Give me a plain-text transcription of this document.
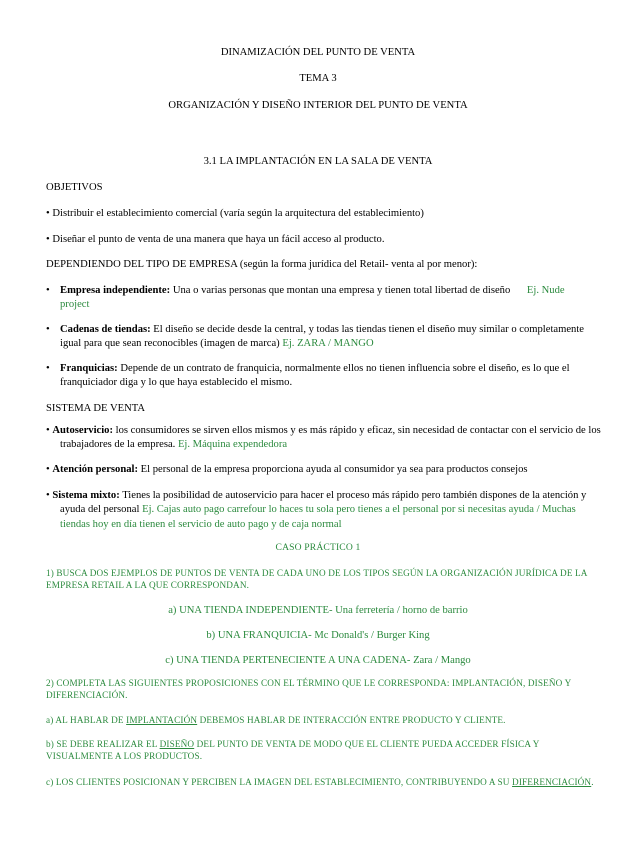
DINAMIZACIÓN DEL PUNTO DE VENTA
TEMA 3
ORGANIZACIÓN Y DISEÑO INTERIOR DEL PUNTO DE VENTA
3.1 LA IMPLANTACIÓN EN LA SALA DE VENTA
OBJETIVOS
• Distribuir el establecimiento comercial (varía según la arquitectura del establecimiento)
• Diseñar el punto de venta de una manera que haya un fácil acceso al producto.
DEPENDIENDO DEL TIPO DE EMPRESA (según la forma jurídica del Retail- venta al por menor):
• Empresa independiente: Una o varias personas que montan una empresa y tienen total libertad de diseño Ej. Nude project
• Cadenas de tiendas: El diseño se decide desde la central, y todas las tiendas tienen el diseño muy similar o completamente igual para que sean reconocibles (imagen de marca) Ej. ZARA / MANGO
• Franquicias: Depende de un contrato de franquicia, normalmente ellos no tienen influencia sobre el diseño, es lo que el franquiciador diga y lo que haya establecido el mismo.
SISTEMA DE VENTA
• Autoservicio: los consumidores se sirven ellos mismos y es más rápido y eficaz, sin necesidad de contactar con el servicio de los trabajadores de la empresa. Ej. Máquina expendedora
• Atención personal: El personal de la empresa proporciona ayuda al consumidor ya sea para productos consejos
• Sistema mixto: Tienes la posibilidad de autoservicio para hacer el proceso más rápido pero también dispones de la atención y ayuda del personal Ej. Cajas auto pago carrefour lo haces tu sola pero tienes a el personal por si necesitas ayuda / Muchas tiendas hoy en día tienen el servicio de auto pago y de caja normal
CASO PRÁCTICO 1
1) BUSCA DOS EJEMPLOS DE PUNTOS DE VENTA DE CADA UNO DE LOS TIPOS SEGÚN LA ORGANIZACIÓN JURÍDICA DE LA EMPRESA RETAIL A LA QUE CORRESPONDAN.
a) UNA TIENDA INDEPENDIENTE- Una ferretería / horno de barrio
b) UNA FRANQUICIA- Mc Donald's / Burger King
c) UNA TIENDA PERTENECIENTE A UNA CADENA- Zara / Mango
2) COMPLETA LAS SIGUIENTES PROPOSICIONES CON EL TÉRMINO QUE LE CORRESPONDA: IMPLANTACIÓN, DISEÑO Y DIFERENCIACIÓN.
a) AL HABLAR DE IMPLANTACIÓN DEBEMOS HABLAR DE INTERACCIÓN ENTRE PRODUCTO Y CLIENTE.
b) SE DEBE REALIZAR EL DISEÑO DEL PUNTO DE VENTA DE MODO QUE EL CLIENTE PUEDA ACCEDER FÍSICA Y VISUALMENTE A LOS PRODUCTOS.
c) LOS CLIENTES POSICIONAN Y PERCIBEN LA IMAGEN DEL ESTABLECIMIENTO, CONTRIBUYENDO A SU DIFERENCIACIÓN.
